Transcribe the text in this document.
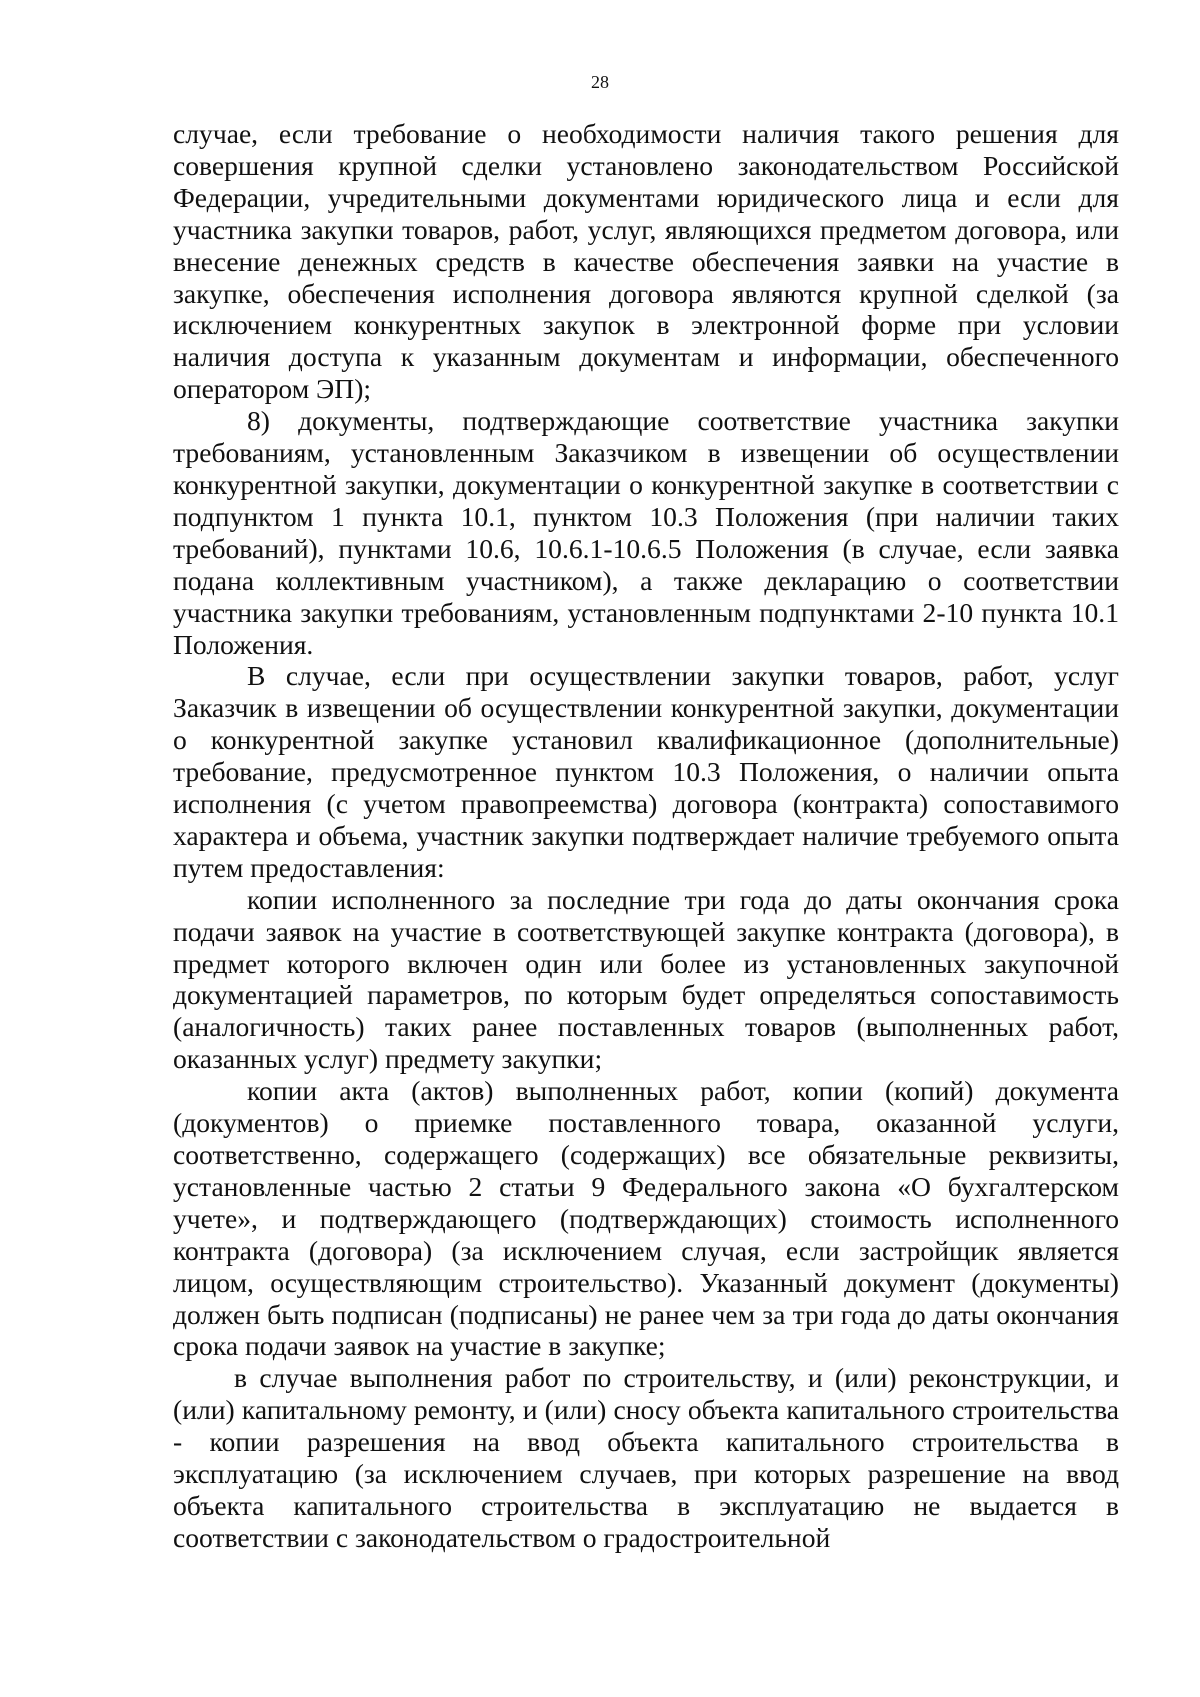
28

случае, если требование о необходимости наличия такого решения для совершения крупной сделки установлено законодательством Российской Федерации, учредительными документами юридического лица и если для участника закупки товаров, работ, услуг, являющихся предметом договора, или внесение денежных средств в качестве обеспечения заявки на участие в закупке, обеспечения исполнения договора являются крупной сделкой (за исключением конкурентных закупок в электронной форме при условии наличия доступа к указанным документам и информации, обеспеченного оператором ЭП);

8) документы, подтверждающие соответствие участника закупки требованиям, установленным Заказчиком в извещении об осуществлении конкурентной закупки, документации о конкурентной закупке в соответствии с подпунктом 1 пункта 10.1, пунктом 10.3 Положения (при наличии таких требований), пунктами 10.6, 10.6.1-10.6.5 Положения (в случае, если заявка подана коллективным участником), а также декларацию о соответствии участника закупки требованиям, установленным подпунктами 2-10 пункта 10.1 Положения.

В случае, если при осуществлении закупки товаров, работ, услуг Заказчик в извещении об осуществлении конкурентной закупки, документации о конкурентной закупке установил квалификационное (дополнительные) требование, предусмотренное пунктом 10.3 Положения, о наличии опыта исполнения (с учетом правопреемства) договора (контракта) сопоставимого характера и объема, участник закупки подтверждает наличие требуемого опыта путем предоставления:

копии исполненного за последние три года до даты окончания срока подачи заявок на участие в соответствующей закупке контракта (договора), в предмет которого включен один или более из установленных закупочной документацией параметров, по которым будет определяться сопоставимость (аналогичность) таких ранее поставленных товаров (выполненных работ, оказанных услуг) предмету закупки;

копии акта (актов) выполненных работ, копии (копий) документа (документов) о приемке поставленного товара, оказанной услуги, соответственно, содержащего (содержащих) все обязательные реквизиты, установленные частью 2 статьи 9 Федерального закона «О бухгалтерском учете», и подтверждающего (подтверждающих) стоимость исполненного контракта (договора) (за исключением случая, если застройщик является лицом, осуществляющим строительство). Указанный документ (документы) должен быть подписан (подписаны) не ранее чем за три года до даты окончания срока подачи заявок на участие в закупке;

в случае выполнения работ по строительству, и (или) реконструкции, и (или) капитальному ремонту, и (или) сносу объекта капитального строительства - копии разрешения на ввод объекта капитального строительства в эксплуатацию (за исключением случаев, при которых разрешение на ввод объекта капитального строительства в эксплуатацию не выдается в соответствии с законодательством о градостроительной
